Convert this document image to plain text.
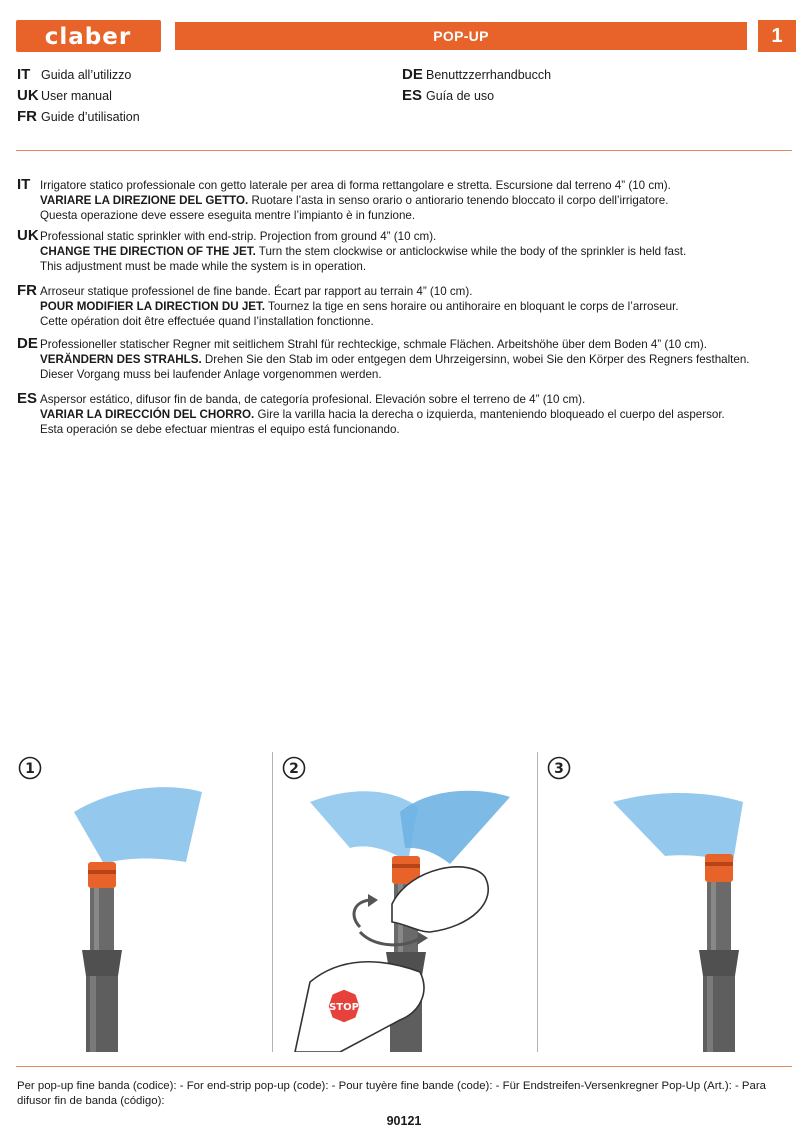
claber	POP-UP	1
IT Guida all’utilizzo
UK User manual
FR Guide d’utilisation
DE Benuttzzerrhandbucch
ES Guía de uso
IT Irrigatore statico professionale con getto laterale per area di forma rettangolare e stretta. Escursione dal terreno 4” (10 cm).
VARIARE LA DIREZIONE DEL GETTO. Ruotare l’asta in senso orario o antiorario tenendo bloccato il corpo dell’irrigatore.
Questa operazione deve essere eseguita mentre l’impianto è in funzione.
UK Professional static sprinkler with end-strip. Projection from ground 4” (10 cm).
CHANGE THE DIRECTION OF THE JET. Turn the stem clockwise or anticlockwise while the body of the sprinkler is held fast.
This adjustment must be made while the system is in operation.
FR Arroseur statique professionel de fine bande. Écart par rapport au terrain 4” (10 cm).
POUR MODIFIER LA DIRECTION DU JET. Tournez la tige en sens horaire ou antihoraire en bloquant le corps de l’arroseur.
Cette opération doit être effectuée quand l’installation fonctionne.
DE Professioneller statischer Regner mit seitlichem Strahl für rechteckige, schmale Flächen. Arbeitshöhe über dem Boden 4” (10 cm).
VERÄNDERN DES STRAHLS. Drehen Sie den Stab im oder entgegen dem Uhrzeigersinn, wobei Sie den Körper des Regners festhalten.
Dieser Vorgang muss bei laufender Anlage vorgenommen werden.
ES Aspersor estático, difusor fin de banda, de categoría profesional. Elevación sobre el terreno de 4” (10 cm).
VARIAR LA DIRECCIÓN DEL CHORRO. Gire la varilla hacia la derecha o izquierda, manteniendo bloqueado el cuerpo del aspersor.
Esta operación se debe efectuar mientras el equipo está funcionando.
1	2
STOP
3
Per pop-up fine banda (codice): - For end-strip pop-up (code): - Pour tuyère fine bande (code): - Für Endstreifen-Versenkregner Pop-Up (Art.): - Para difusor fin de banda (código):
90121
